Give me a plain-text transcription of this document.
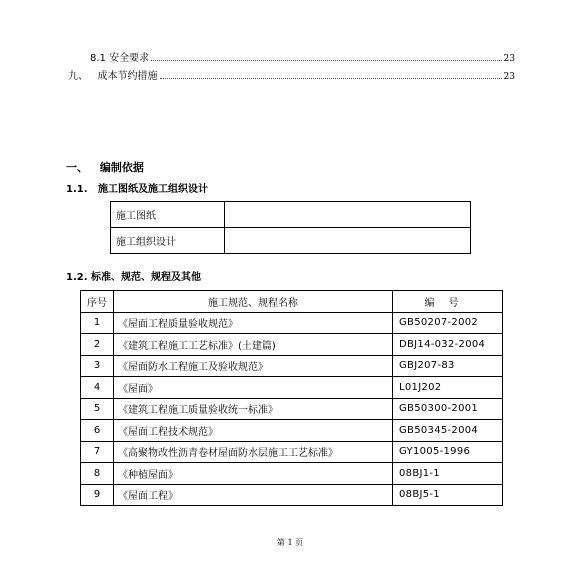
8.1 安全要求	23
九、   成本节约措施	23
一、 编制依据
1.1.   施工图纸及施工组织设计
施工图纸	
施工组织设计	
1.2. 标准、规范、规程及其他
序号	施工规范、规程名称	编号
1	《屋面工程质量验收规范》	GB50207-2002
2	《建筑工程施工工艺标准》(土建篇)	DBJ14-032-2004
3	《屋面防水工程施工及验收规范》	GBJ207-83
4	《屋面》	L01J202
5	《建筑工程施工质量验收统一标准》	GB50300-2001
6	《屋面工程技术规范》	GB50345-2004
7	《高聚物改性沥青卷材屋面防水层施工工艺标准》	GY1005-1996
8	《种植屋面》	08BJ1-1
9	《屋面工程》	08BJ5-1
第 1 页
